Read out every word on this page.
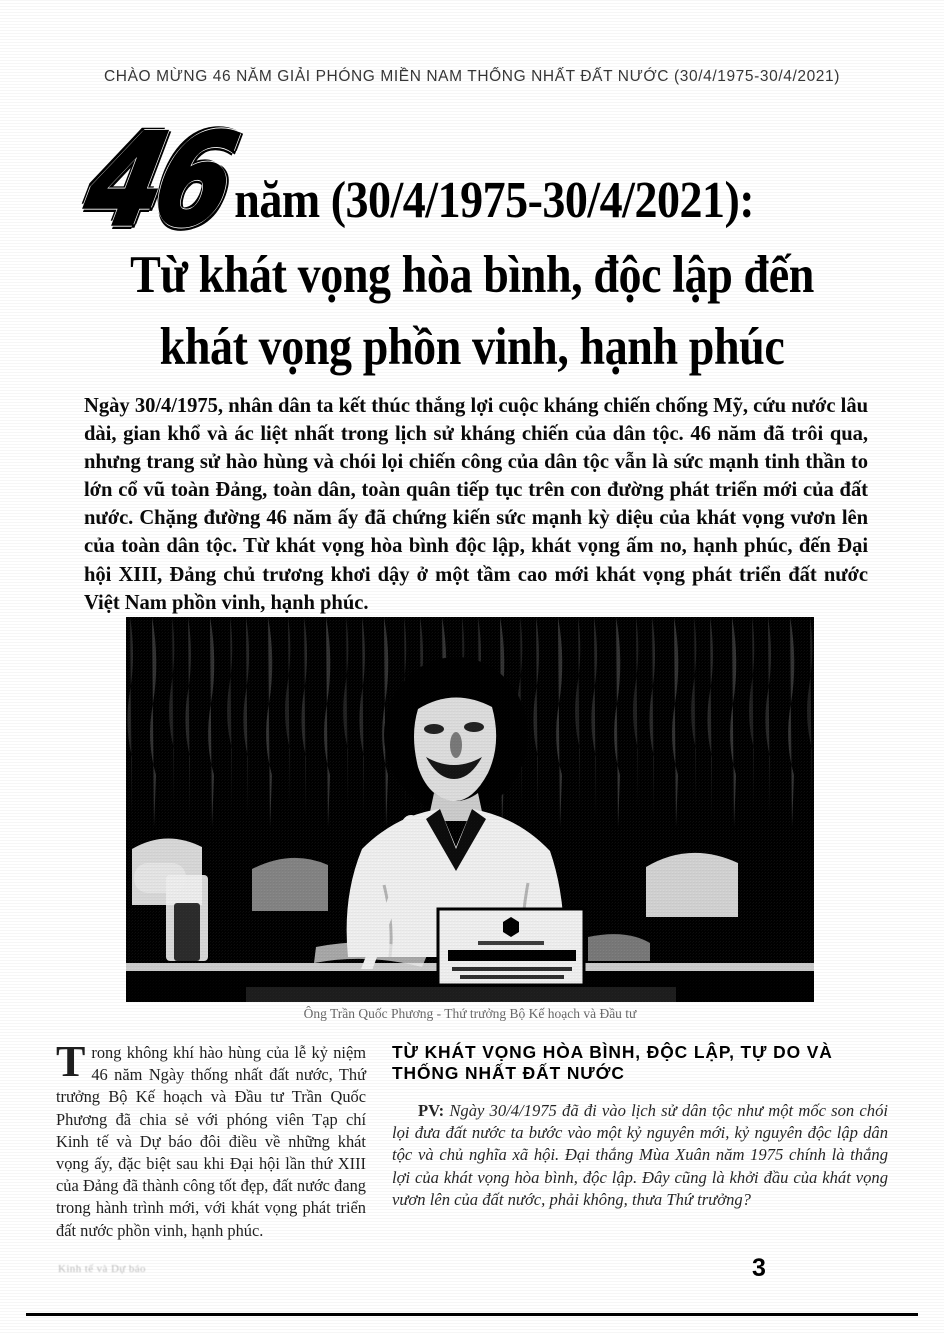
CHÀO MỪNG 46 NĂM GIẢI PHÓNG MIỀN NAM THỐNG NHẤT ĐẤT NƯỚC (30/4/1975-30/4/2021)
46
năm (30/4/1975-30/4/2021):
Từ khát vọng hòa bình, độc lập đến
khát vọng phồn vinh, hạnh phúc
Ngày 30/4/1975, nhân dân ta kết thúc thắng lợi cuộc kháng chiến chống Mỹ, cứu nước lâu dài, gian khổ và ác liệt nhất trong lịch sử kháng chiến của dân tộc. 46 năm đã trôi qua, nhưng trang sử hào hùng và chói lọi chiến công của dân tộc vẫn là sức mạnh tinh thần to lớn cổ vũ toàn Đảng, toàn dân, toàn quân tiếp tục trên con đường phát triển mới của đất nước. Chặng đường 46 năm ấy đã chứng kiến sức mạnh kỳ diệu của khát vọng vươn lên của toàn dân tộc. Từ khát vọng hòa bình độc lập, khát vọng ấm no, hạnh phúc, đến Đại hội XIII, Đảng chủ trương khơi dậy ở một tầm cao mới khát vọng phát triển đất nước Việt Nam phồn vinh, hạnh phúc.
Ông Trần Quốc Phương - Thứ trưởng Bộ Kế hoạch và Đầu tư
Trong không khí hào hùng của lễ kỷ niệm 46 năm Ngày thống nhất đất nước, Thứ trưởng Bộ Kế hoạch và Đầu tư Trần Quốc Phương đã chia sẻ với phóng viên Tạp chí Kinh tế và Dự báo đôi điều về những khát vọng ấy, đặc biệt sau khi Đại hội lần thứ XIII của Đảng đã thành công tốt đẹp, đất nước đang trong hành trình mới, với khát vọng phát triển đất nước phồn vinh, hạnh phúc.
TỪ KHÁT VỌNG HÒA BÌNH, ĐỘC LẬP, TỰ DO VÀ THỐNG NHẤT ĐẤT NƯỚC
PV: Ngày 30/4/1975 đã đi vào lịch sử dân tộc như một mốc son chói lọi đưa đất nước ta bước vào một kỷ nguyên mới, kỷ nguyên độc lập dân tộc và chủ nghĩa xã hội. Đại thắng Mùa Xuân năm 1975 chính là thắng lợi của khát vọng hòa bình, độc lập. Đây cũng là khởi đầu của khát vọng vươn lên của đất nước, phải không, thưa Thứ trưởng?
Kinh tế và Dự báo	3
